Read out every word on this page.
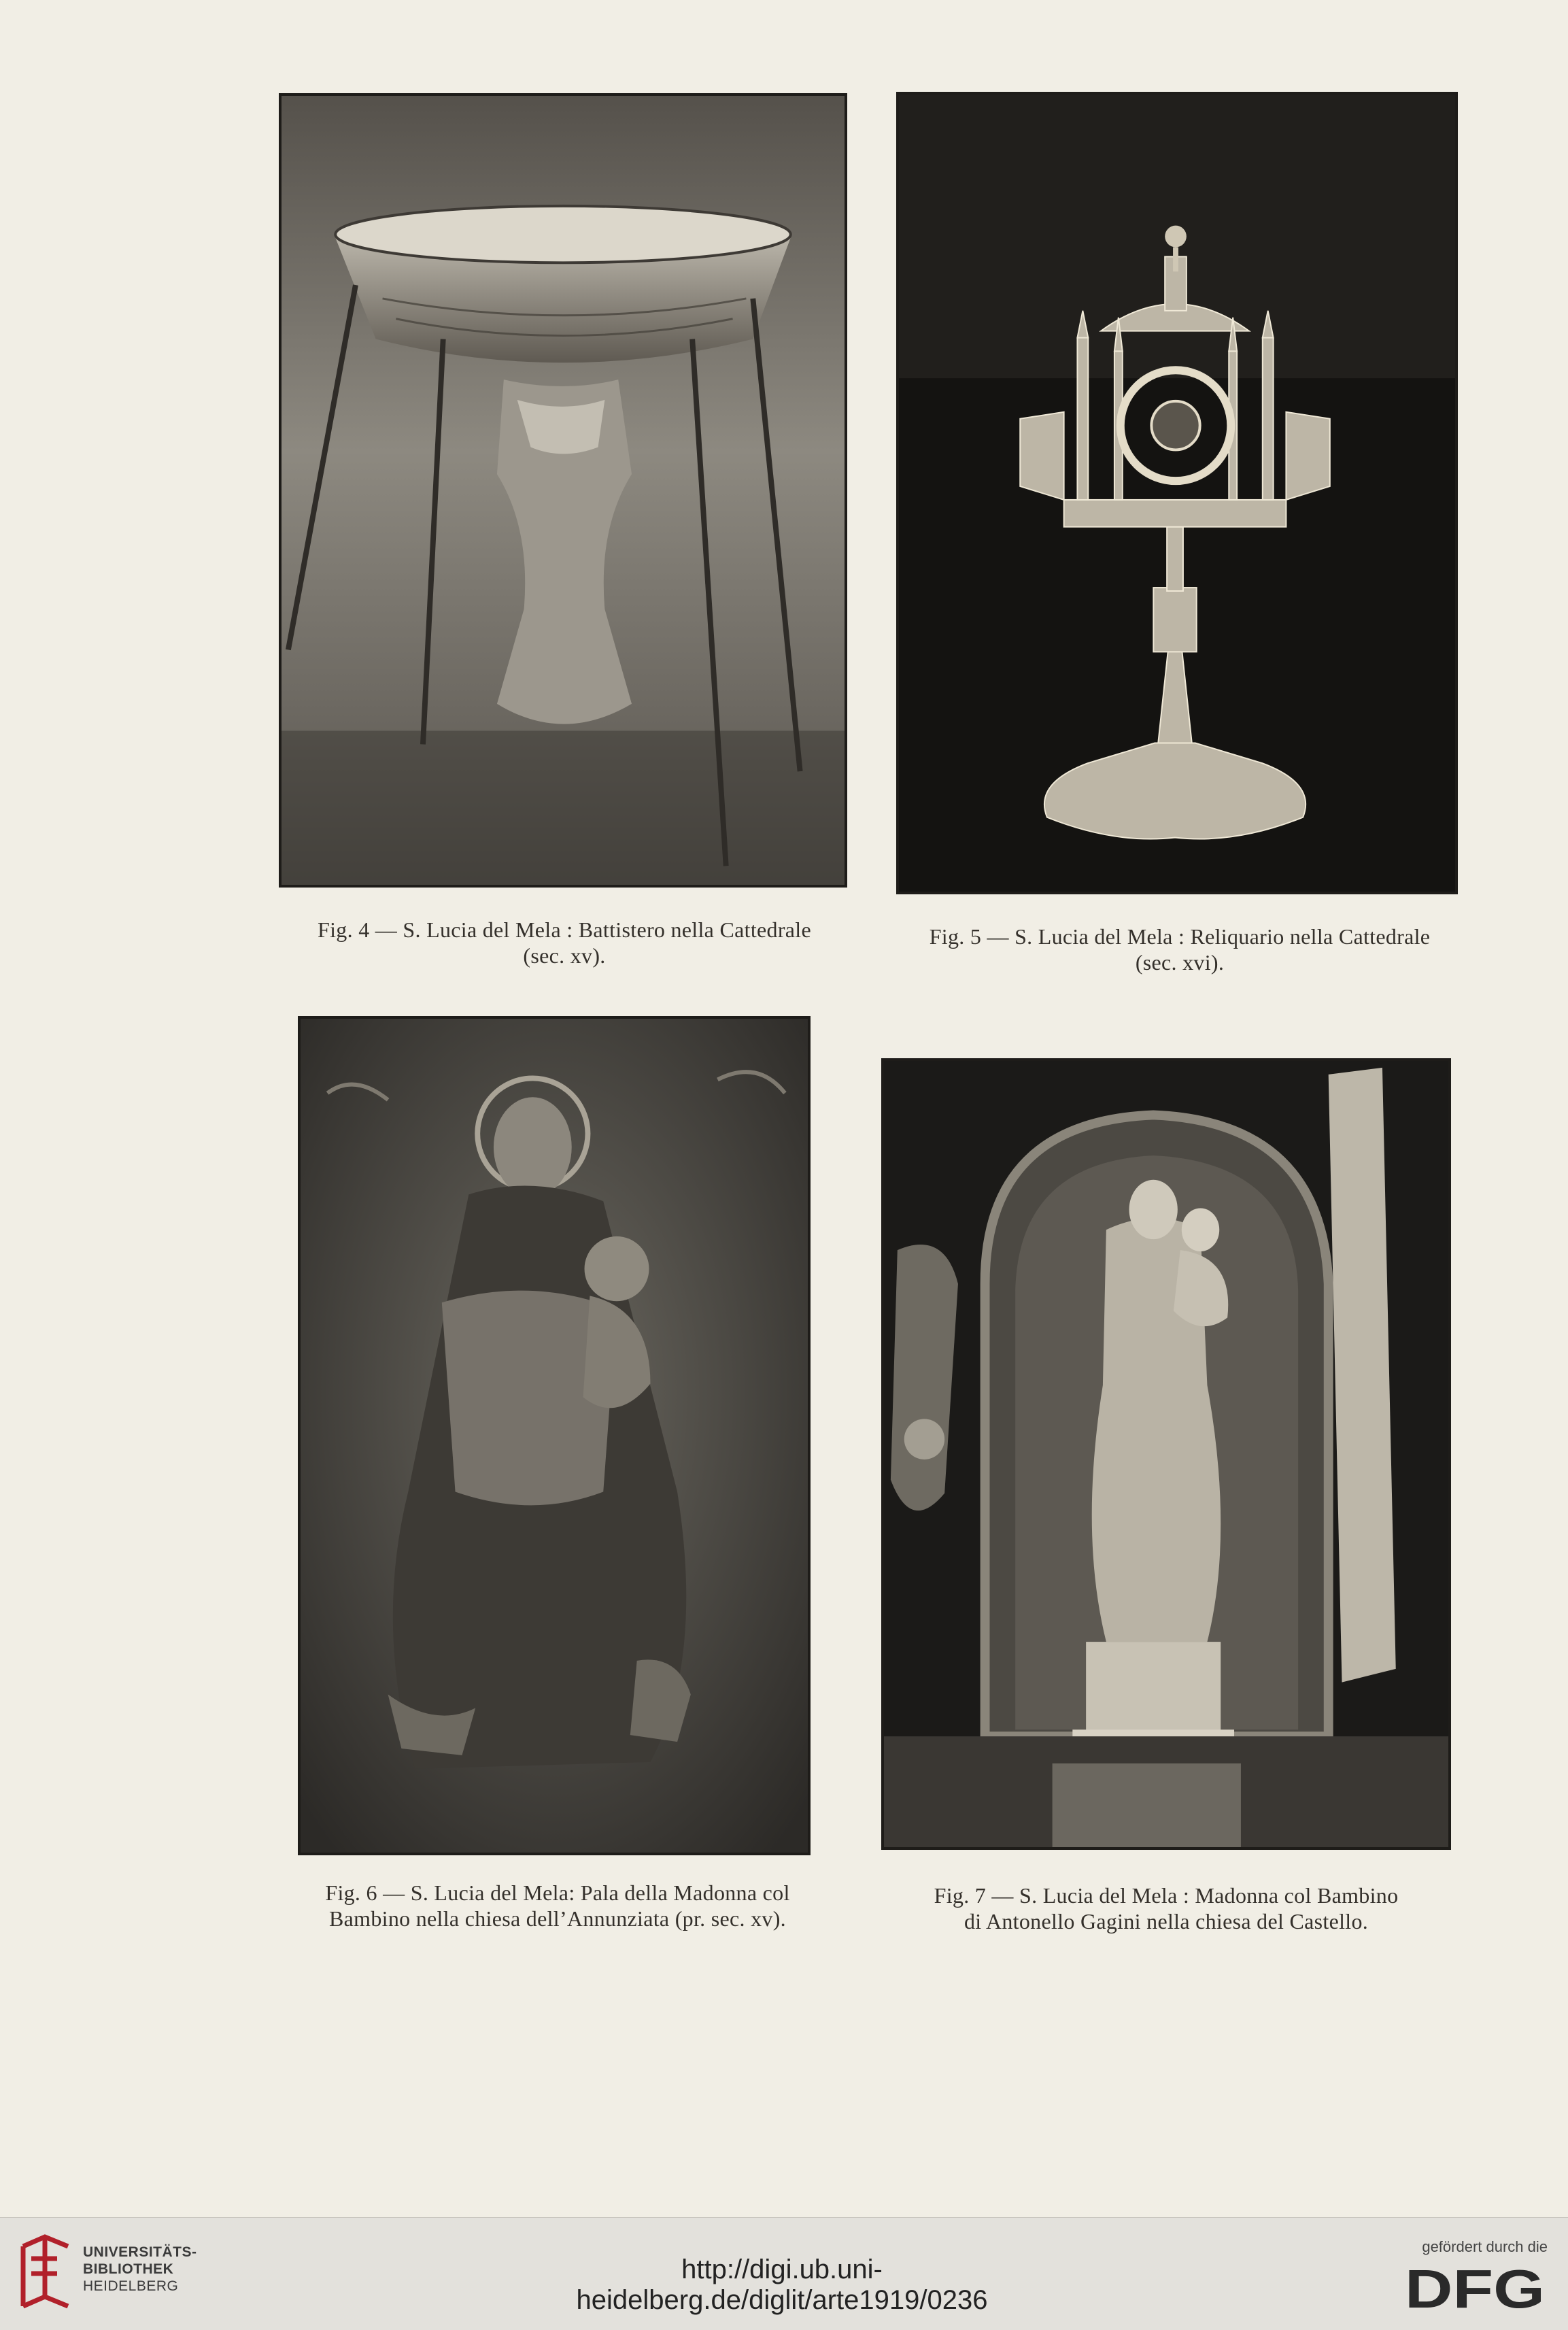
Fig. 4 — S. Lucia del Mela : Battistero nella Cattedrale
(sec. xv).
Fig. 5 — S. Lucia del Mela : Reliquario nella Cattedrale
(sec. xvi).
Fig. 6 — S. Lucia del Mela: Pala della Madonna col
Bambino nella chiesa dell’Annunziata (pr. sec. xv).
Fig. 7 — S. Lucia del Mela : Madonna col Bambino
di Antonello Gagini nella chiesa del Castello.
UNIVERSITÄTS-
BIBLIOTHEK
HEIDELBERG
http://digi.ub.uni-heidelberg.de/diglit/arte1919/0236
gefördert durch die
DFG
